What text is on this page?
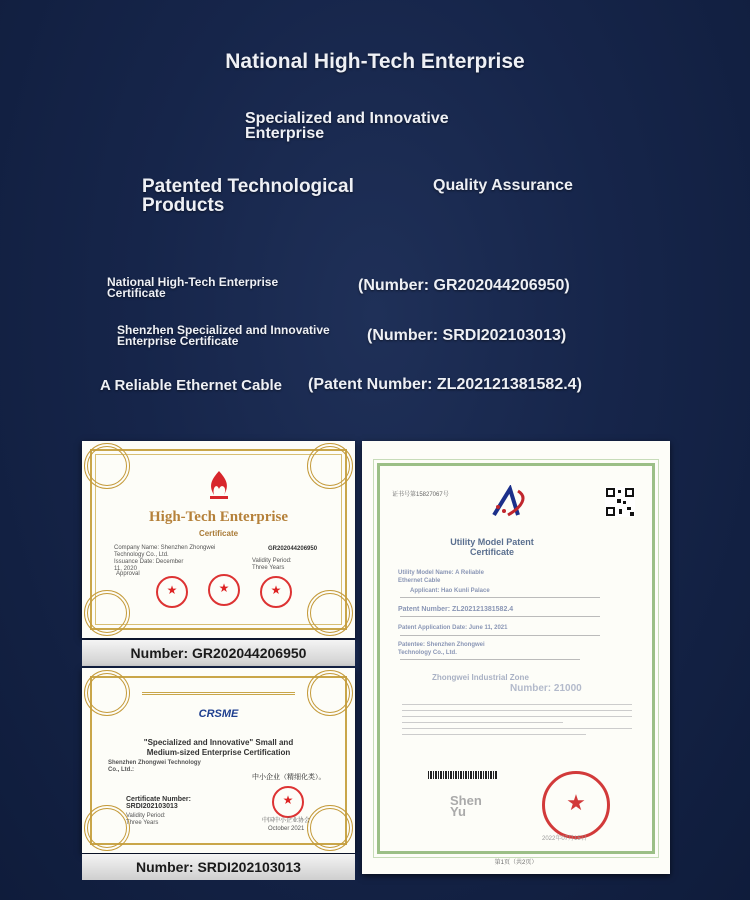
National High-Tech Enterprise
Specialized and Innovative
Enterprise
Patented Technological
Products
Quality Assurance
National High-Tech Enterprise
Certificate	(Number: GR202044206950)
Shenzhen Specialized and Innovative
Enterprise Certificate	(Number: SRDI202103013)
A Reliable Ethernet Cable (Patent Number: ZL202121381582.4)
High-Tech Enterprise
Certificate
Company Name: Shenzhen Zhongwei
Technology Co., Ltd.
Issuance Date: December
11, 2020
GR202044206950
Validity Period:
Three Years
Approval
★
★
★
Number: GR202044206950
CRSME
"Specialized and Innovative" Small and
Medium-sized Enterprise Certification
Shenzhen Zhongwei Technology
Co., Ltd.:
中小企业（精细化类）。
Certificate Number:
SRDI202103013
Validity Period:
Three Years
★	中国中小企业协会
October 2021
Number: SRDI202103013
证书号第15827067号
Utility Model Patent
Certificate
Utility Model Name: A Reliable
Ethernet Cable
Applicant: Hao Kunli Palace
Patent Number: ZL202121381582.4
Patent Application Date: June 11, 2021
Patentee: Shenzhen Zhongwei
Technology Co., Ltd.
Zhongwei Industrial Zone
Number: 21000
Shen
Yu	★
2022年07月15日
第1页（共2页）
